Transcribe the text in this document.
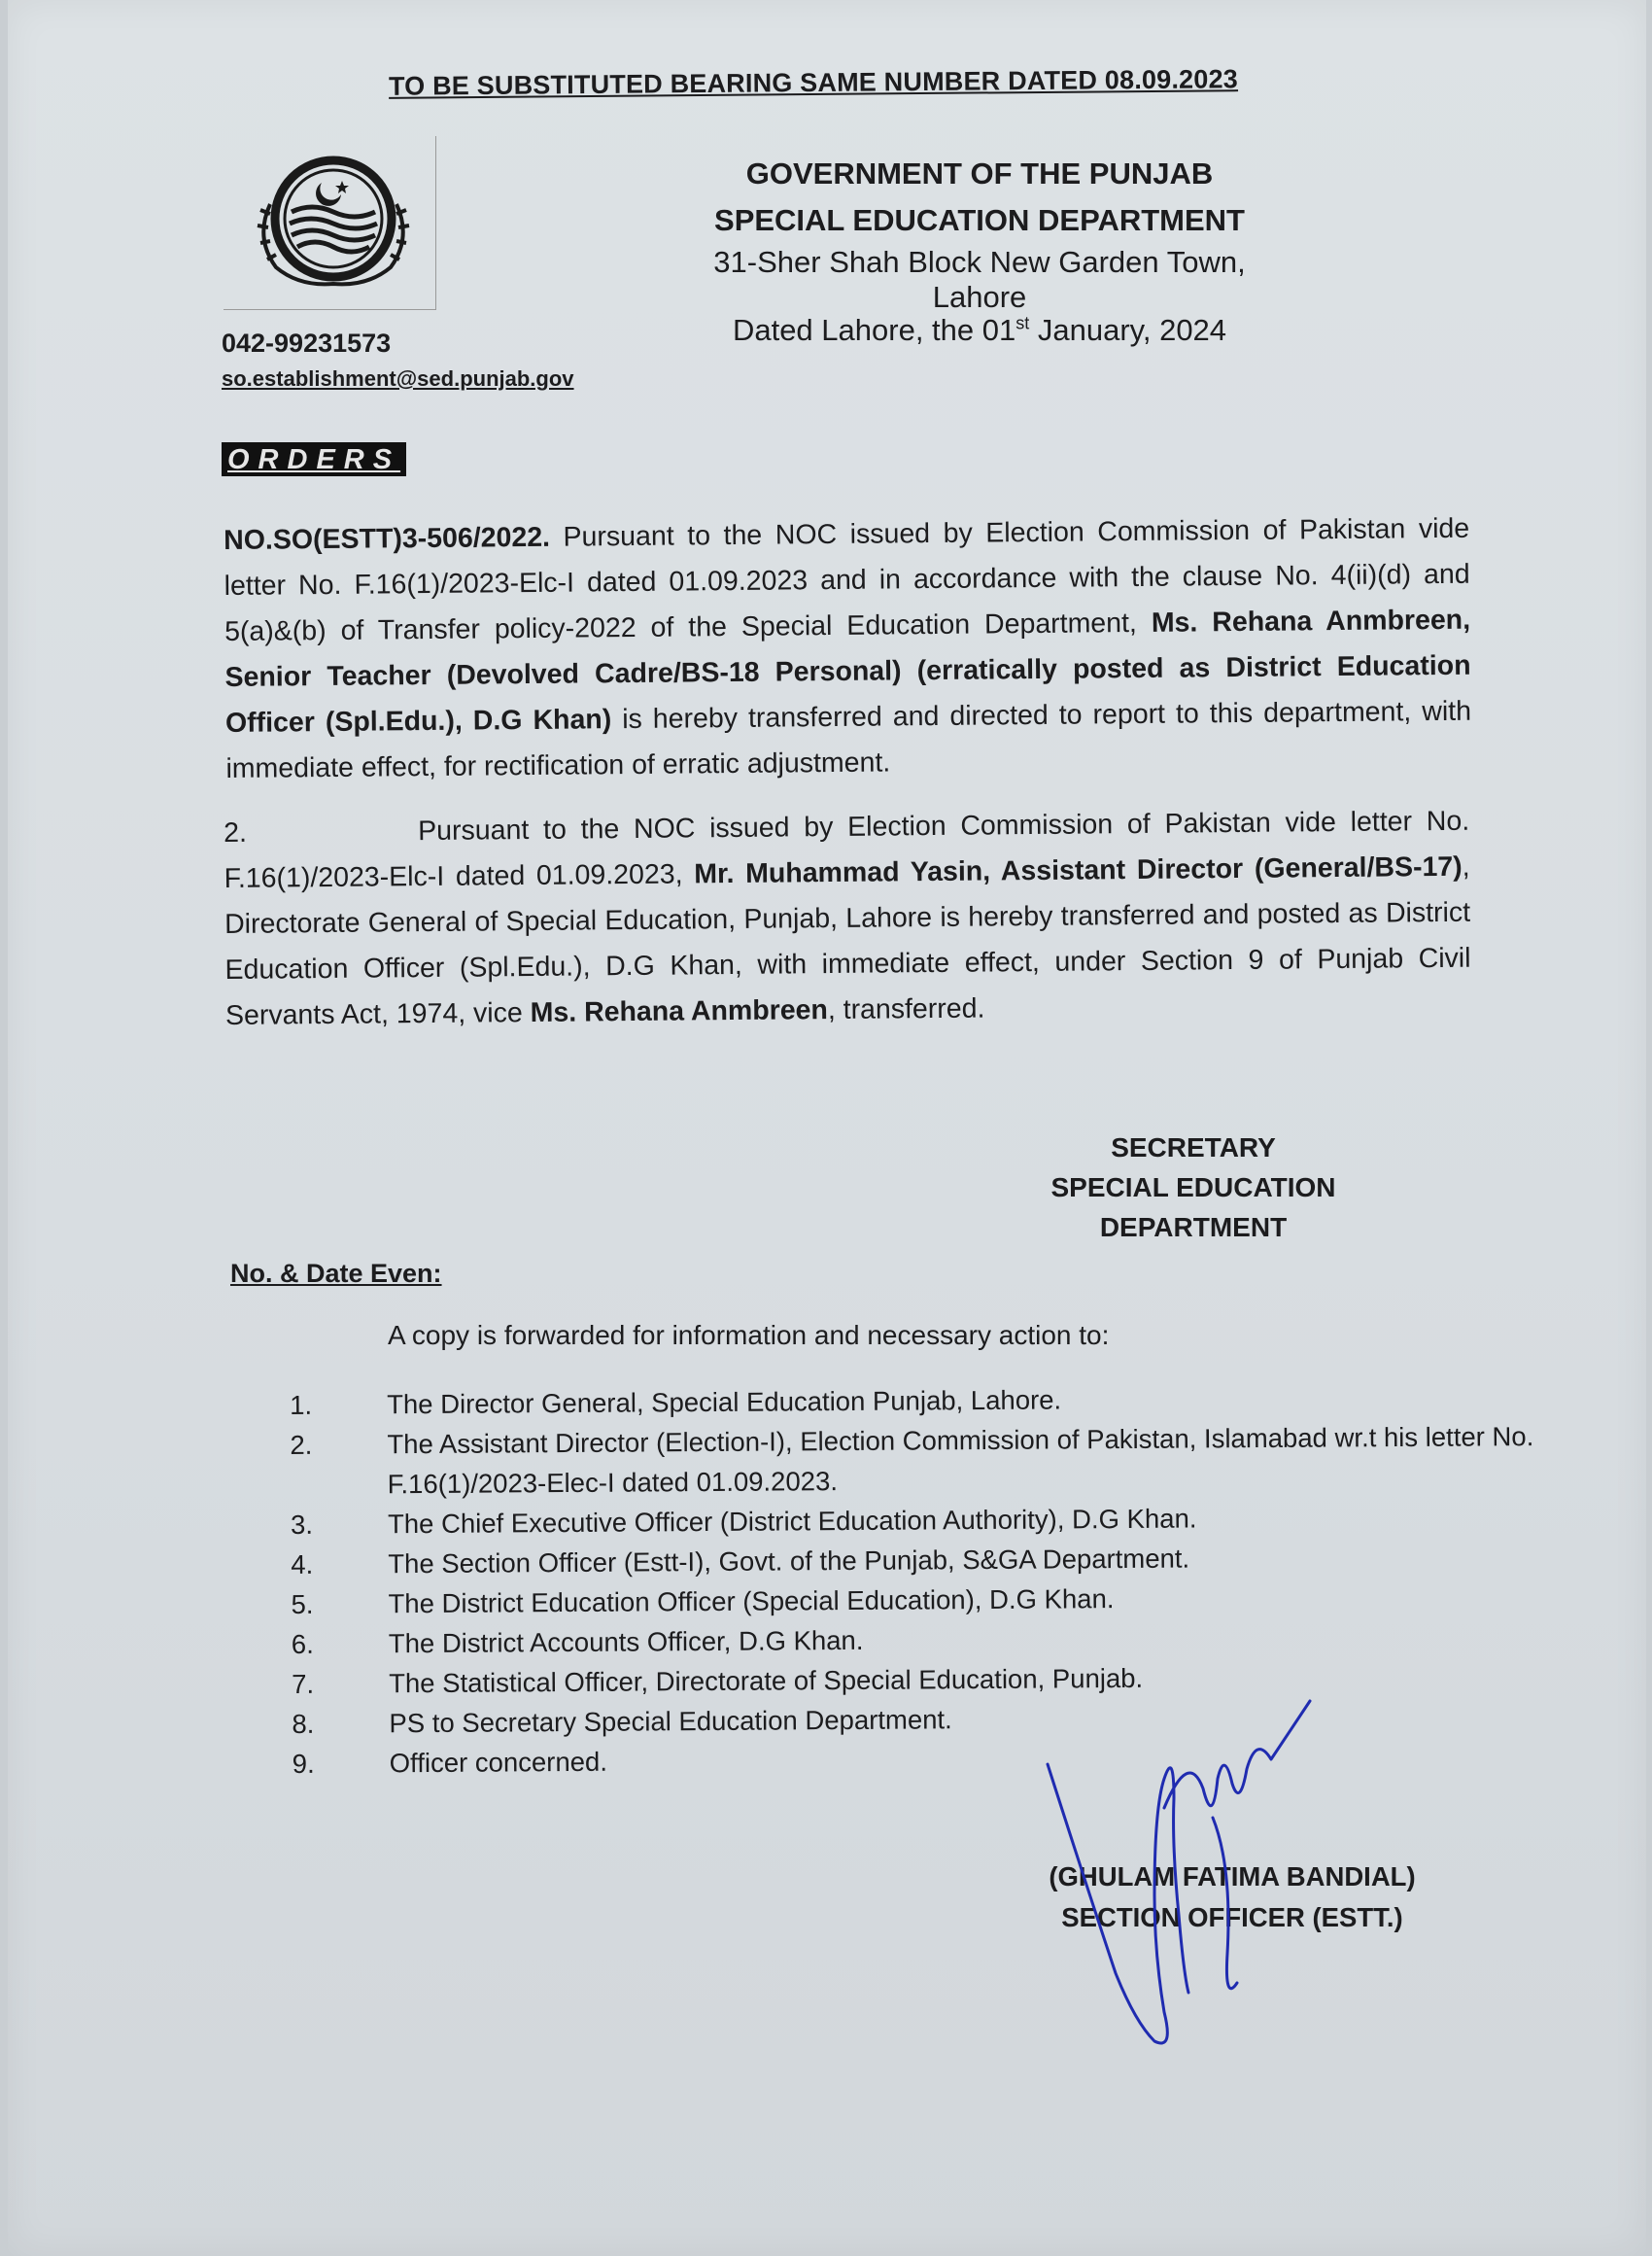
TO BE SUBSTITUTED BEARING SAME NUMBER DATED 08.09.2023
GOVERNMENT OF THE PUNJAB
SPECIAL EDUCATION DEPARTMENT
31-Sher Shah Block New Garden Town, Lahore
Dated Lahore, the 01st January, 2024
042-99231573
so.establishment@sed.punjab.gov
ORDERS
NO.SO(ESTT)3-506/2022. Pursuant to the NOC issued by Election Commission of Pakistan vide letter No. F.16(1)/2023-Elc-I dated 01.09.2023 and in accordance with the clause No. 4(ii)(d) and 5(a)&(b) of Transfer policy-2022 of the Special Education Department, Ms. Rehana Anmbreen, Senior Teacher (Devolved Cadre/BS-18 Personal) (erratically posted as District Education Officer (Spl.Edu.), D.G Khan) is hereby transferred and directed to report to this department, with immediate effect, for rectification of erratic adjustment.
2.	Pursuant to the NOC issued by Election Commission of Pakistan vide letter No. F.16(1)/2023-Elc-I dated 01.09.2023, Mr. Muhammad Yasin, Assistant Director (General/BS-17), Directorate General of Special Education, Punjab, Lahore is hereby transferred and posted as District Education Officer (Spl.Edu.), D.G Khan, with immediate effect, under Section 9 of Punjab Civil Servants Act, 1974, vice Ms. Rehana Anmbreen, transferred.
SECRETARY
SPECIAL EDUCATION
DEPARTMENT
No. & Date Even:
A copy is forwarded for information and necessary action to:
1.	The Director General, Special Education Punjab, Lahore.
2.	The Assistant Director (Election-I), Election Commission of Pakistan, Islamabad wr.t his letter No. F.16(1)/2023-Elec-I dated 01.09.2023.
3.	The Chief Executive Officer (District Education Authority), D.G Khan.
4.	The Section Officer (Estt-I), Govt. of the Punjab, S&GA Department.
5.	The District Education Officer (Special Education), D.G Khan.
6.	The District Accounts Officer, D.G Khan.
7.	The Statistical Officer, Directorate of Special Education, Punjab.
8.	PS to Secretary Special Education Department.
9.	Officer concerned.
(GHULAM FATIMA BANDIAL)
SECTION OFFICER (ESTT.)
